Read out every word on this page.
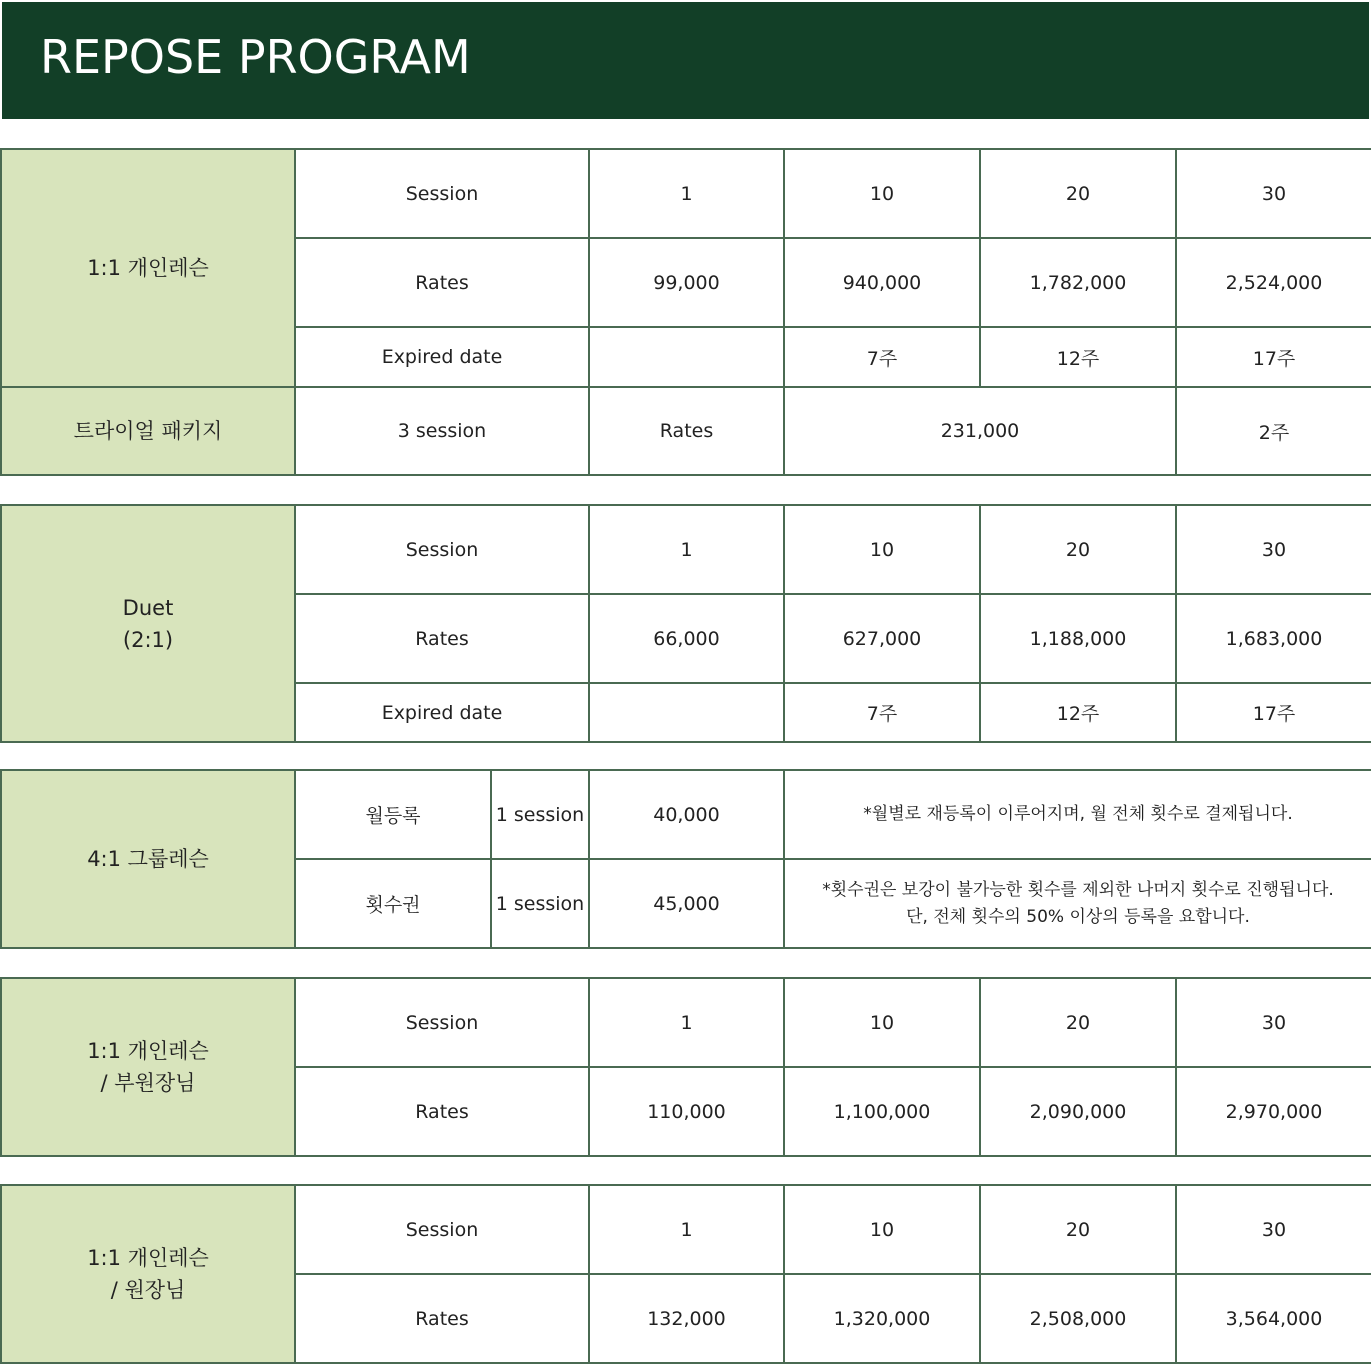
REPOSE PROGRAM
1:1 개인레슨	Session	1	10	20	30
	Rates	99,000	940,000	1,782,000	2,524,000
	Expired date		7주	12주	17주
트라이얼 패키지	3 session	Rates	231,000		2주
Duet
(2:1)	Session	1	10	20	30
	Rates	66,000	627,000	1,188,000	1,683,000
	Expired date		7주	12주	17주
4:1 그룹레슨	월등록	1 session	40,000	*월별로 재등록이 이루어지며, 월 전체 횟수로 결제됩니다.

	횟수권	1 session	45,000	*횟수권은 보강이 불가능한 횟수를 제외한 나머지 횟수로 진행됩니다.
단, 전체 횟수의 50% 이상의 등록을 요합니다.
1:1 개인레슨
/ 부원장님	Session	1	10	20	30
	Rates	110,000	1,100,000	2,090,000	2,970,000
1:1 개인레슨
/ 원장님	Session	1	10	20	30
	Rates	132,000	1,320,000	2,508,000	3,564,000
